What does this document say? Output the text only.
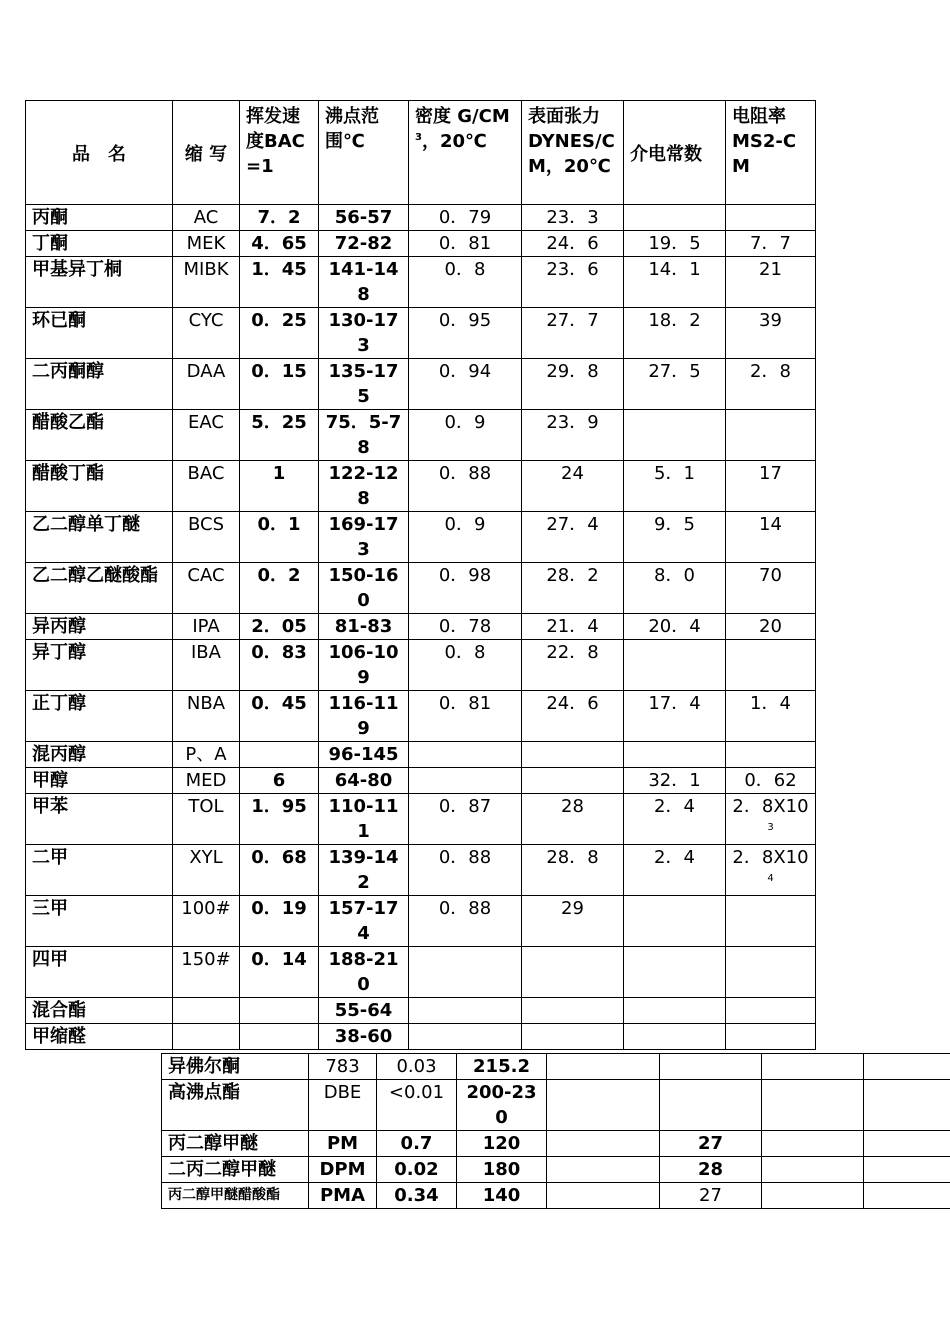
品　名	缩 写	挥发速度BAC=1	沸点范围℃	密度 $G/CM^3$，20℃	表面张力 DYNES/CM，20℃	介电常数	电阻率 MS2-CM
丙酮	AC	7．2	56-57	0．79	23．3		
丁酮	MEK	4．65	72-82	0．81	24．6	19．5	7．7
甲基异丁桐	MIBK	1．45	141-148	0．8	23．6	14．1	21
环已酮	CYC	0．25	130-173	0．95	27．7	18．2	39
二丙酮醇	DAA	0．15	135-175	0．94	29．8	27．5	2．8
醋酸乙酯	EAC	5．25	75．5-78	0．9	23．9		
醋酸丁酯	BAC	1	122-128	0．88	24	5．1	17
乙二醇单丁醚	BCS	0．1	169-173	0．9	27．4	9．5	14
乙二醇乙醚酸酯	CAC	0．2	150-160	0．98	28．2	8．0	70
异丙醇	IPA	2．05	81-83	0．78	21．4	20．4	20
异丁醇	IBA	0．83	106-109	0．8	22．8		
正丁醇	NBA	0．45	116-119	0．81	24．6	17．4	1．4
混丙醇	P、A		96-145				
甲醇	MED	6	64-80			32．1	0．62
甲苯	TOL	1．95	110-111	0．87	28	2．4	2．$8X10^3$
二甲	XYL	0．68	139-142	0．88	28．8	2．4	2．$8X10^4$
三甲	100#	0．19	157-174	0．88	29		
四甲	150#	0．14	188-210				
混合酯			55-64				
甲缩醛			38-60				
异佛尔酮	783	0.03	215.2				
高沸点酯	DBE	<0.01	200-230				
丙二醇甲醚	PM	0.7	120		27		
二丙二醇甲醚	DPM	0.02	180		28		
丙二醇甲醚醋酸酯	PMA	0.34	140		27		
